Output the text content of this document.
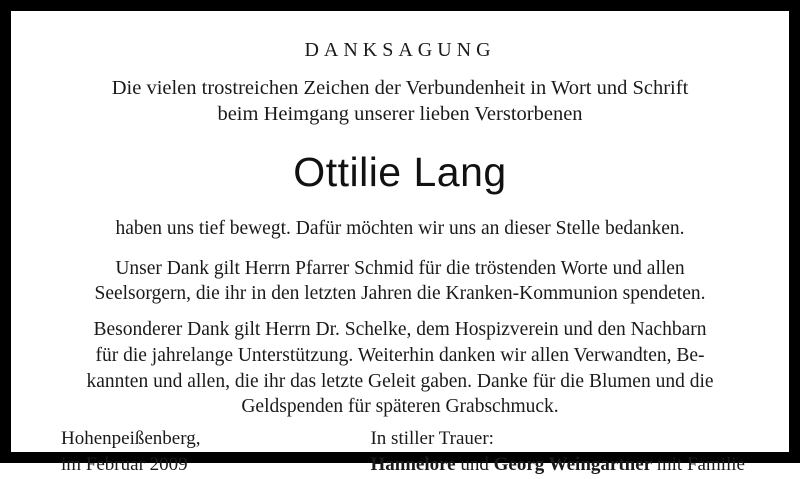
DANKSAGUNG
Die vielen trostreichen Zeichen der Verbundenheit in Wort und Schrift
beim Heimgang unserer lieben Verstorbenen
Ottilie Lang
haben uns tief bewegt. Dafür möchten wir uns an dieser Stelle bedanken.
Unser Dank gilt Herrn Pfarrer Schmid für die tröstenden Worte und allen
Seelsorgern, die ihr in den letzten Jahren die Kranken-Kommunion spendeten.
Besonderer Dank gilt Herrn Dr. Schelke, dem Hospizverein und den Nachbarn
für die jahrelange Unterstützung. Weiterhin danken wir allen Verwandten, Be-
kannten und allen, die ihr das letzte Geleit gaben. Danke für die Blumen und die
Geldspenden für späteren Grabschmuck.
Hohenpeißenberg,
im Februar 2009
In stiller Trauer:
Hannelore und Georg Weingartner mit Familie
